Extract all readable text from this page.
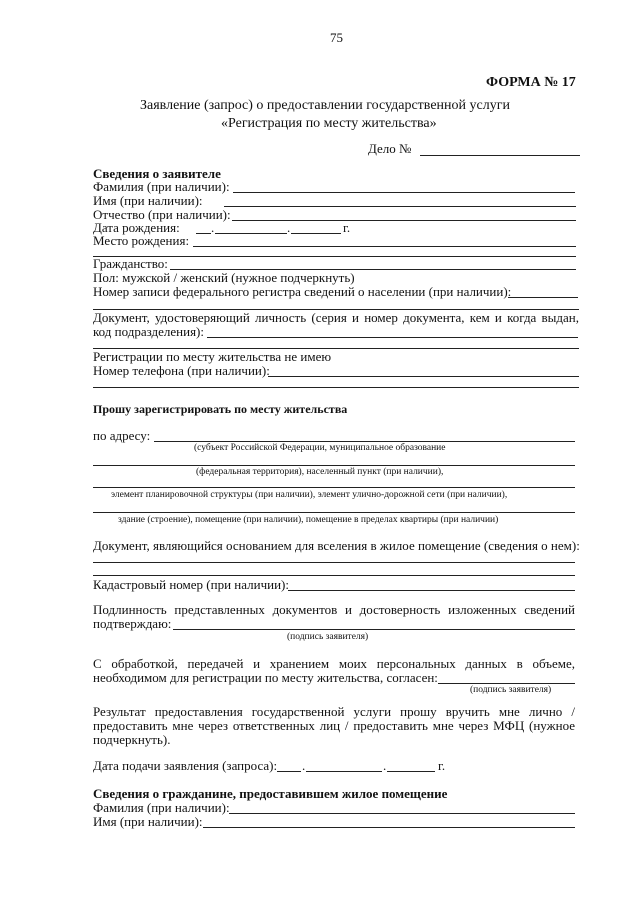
75
ФОРМА № 17
Заявление (запрос) о предоставлении государственной услуги
«Регистрация по месту жительства»
Дело №
Сведения о заявителе
Фамилия (при наличии):
Имя (при наличии):
Отчество (при наличии):
Дата рождения: .	.	г.
Место рождения:
Гражданство:
Пол: мужской / женский (нужное подчеркнуть)
Номер записи федерального регистра сведений о населении (при наличии):
Документ, удостоверяющий личность (серия и номер документа, кем и когда выдан,
код подразделения):
Регистрации по месту жительства не имею
Номер телефона (при наличии):
Прошу зарегистрировать по месту жительства
по адресу:
(субъект Российской Федерации, муниципальное образование
(федеральная территория), населенный пункт (при наличии),
элемент планировочной структуры (при наличии), элемент улично-дорожной сети (при наличии),
здание (строение), помещение (при наличии), помещение в пределах квартиры (при наличии)
Документ, являющийся основанием для вселения в жилое помещение (сведения о нем):
Кадастровый номер (при наличии):
Подлинность представленных документов и достоверность изложенных сведений
подтверждаю:
(подпись заявителя)
С обработкой, передачей и хранением моих персональных данных в объеме,
необходимом для регистрации по месту жительства, согласен:
(подпись заявителя)
Результат предоставления государственной услуги прошу вручить мне лично /
предоставить мне через ответственных лиц / предоставить мне через МФЦ (нужное
подчеркнуть).
Дата подачи заявления (запроса): .	.	г.
Сведения о гражданине, предоставившем жилое помещение
Фамилия (при наличии):
Имя (при наличии):
